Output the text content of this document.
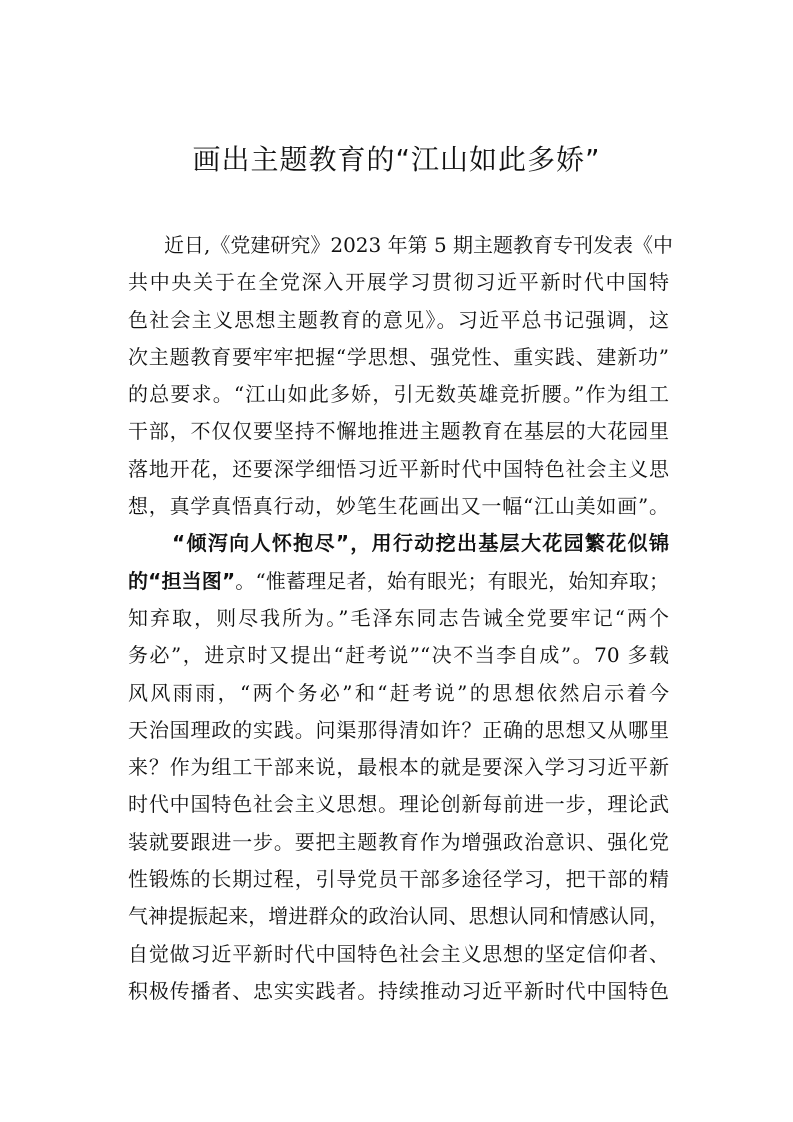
画出主题教育的“江山如此多娇”
近日,《党建研究》2023 年第 5 期主题教育专刊发表《中
共中央关于在全党深入开展学习贯彻习近平新时代中国特
色社会主义思想主题教育的意见》。习近平总书记强调，这
次主题教育要牢牢把握“学思想、强党性、重实践、建新功”
的总要求。“江山如此多娇，引无数英雄竞折腰。”作为组工
干部，不仅仅要坚持不懈地推进主题教育在基层的大花园里
落地开花，还要深学细悟习近平新时代中国特色社会主义思
想，真学真悟真行动，妙笔生花画出又一幅“江山美如画”。
“倾泻向人怀抱尽”，用行动挖出基层大花园繁花似锦
的“担当图”。“惟蓄理足者，始有眼光；有眼光，始知弃取；
知弃取，则尽我所为。”毛泽东同志告诫全党要牢记“两个
务必”，进京时又提出“赶考说”“决不当李自成”。70 多载
风风雨雨，“两个务必”和“赶考说”的思想依然启示着今
天治国理政的实践。问渠那得清如许？正确的思想又从哪里
来？作为组工干部来说，最根本的就是要深入学习习近平新
时代中国特色社会主义思想。理论创新每前进一步，理论武
装就要跟进一步。要把主题教育作为增强政治意识、强化党
性锻炼的长期过程，引导党员干部多途径学习，把干部的精
气神提振起来，增进群众的政治认同、思想认同和情感认同，
自觉做习近平新时代中国特色社会主义思想的坚定信仰者、
积极传播者、忠实实践者。持续推动习近平新时代中国特色
